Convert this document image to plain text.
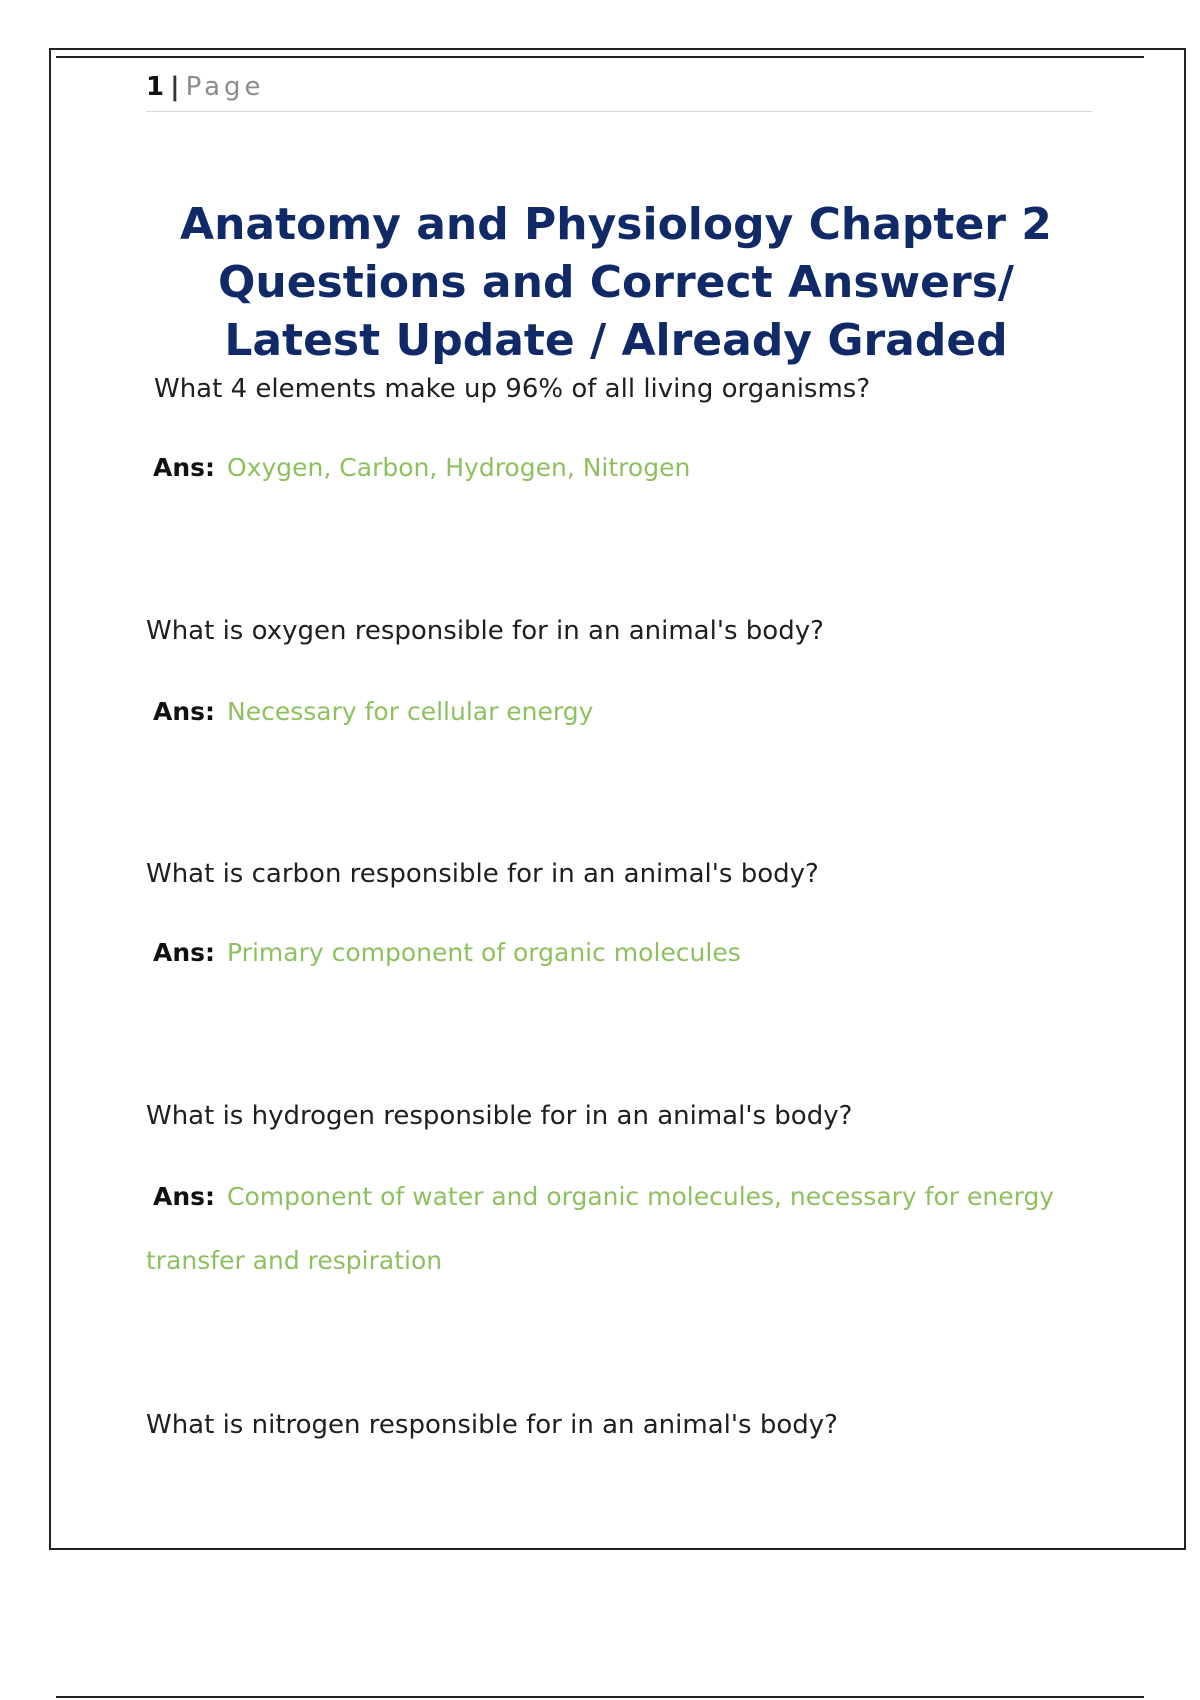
1 | Page
Anatomy and Physiology Chapter 2 Questions and Correct Answers/ Latest Update / Already Graded

What 4 elements make up 96% of all living organisms?

Ans: Oxygen, Carbon, Hydrogen, Nitrogen

What is oxygen responsible for in an animal's body?

Ans: Necessary for cellular energy

What is carbon responsible for in an animal's body?

Ans: Primary component of organic molecules

What is hydrogen responsible for in an animal's body?

Ans: Component of water and organic molecules, necessary for energy transfer and respiration

What is nitrogen responsible for in an animal's body?
